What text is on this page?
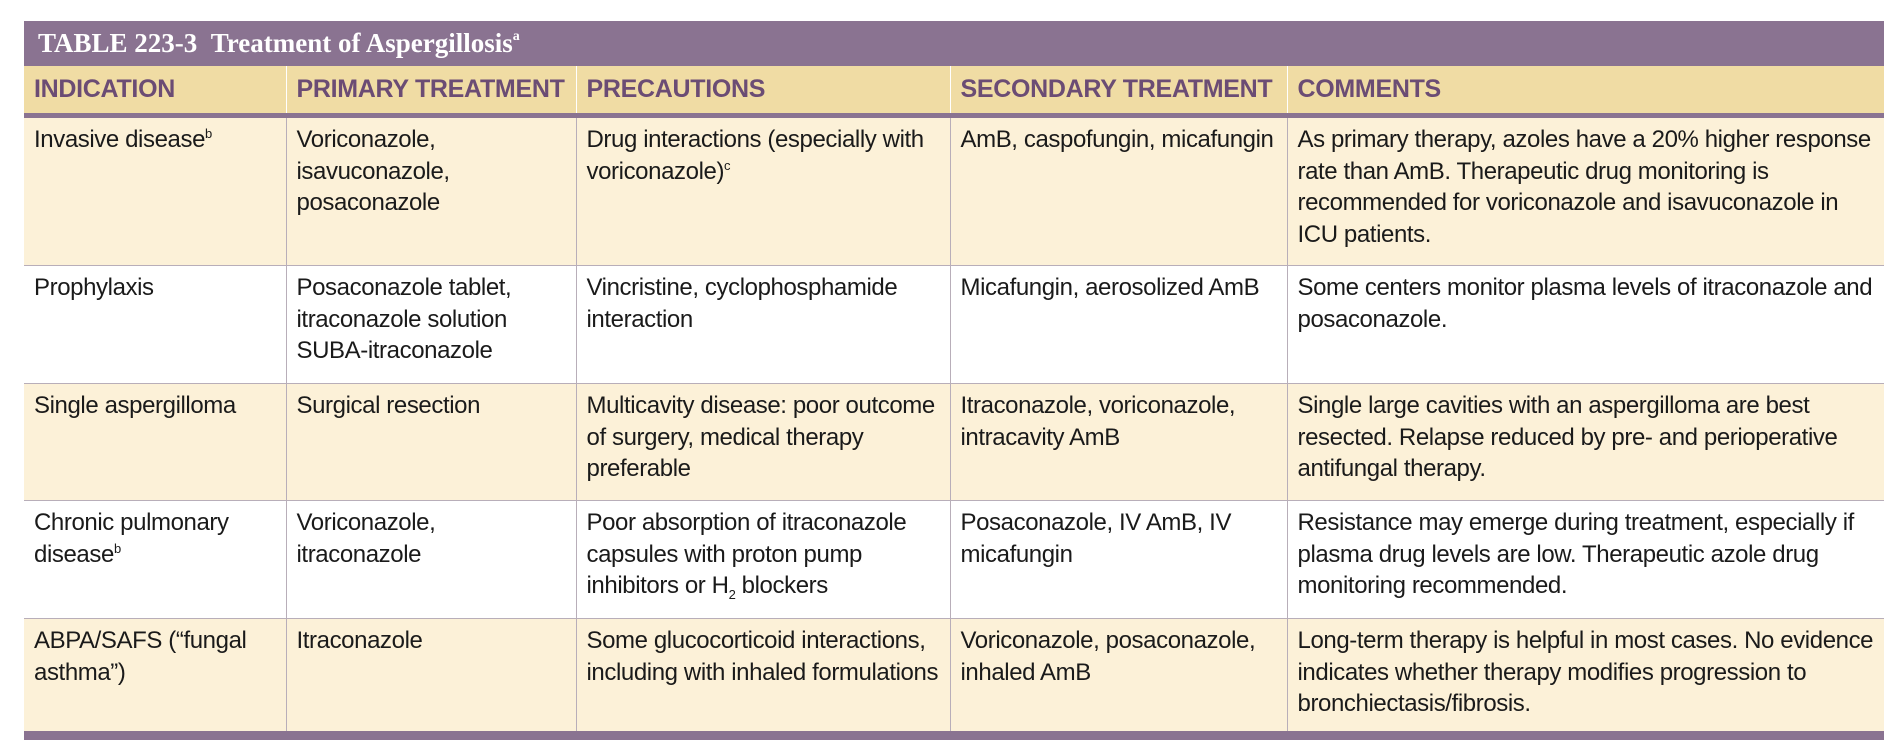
TABLE 223-3 Treatment of Aspergillosis$^a$
INDICATION	PRIMARY TREATMENT	PRECAUTIONS	SECONDARY TREATMENT	COMMENTS
Invasive disease$^b$	Voriconazole, isavuconazole, posaconazole	Drug interactions (especially with voriconazole)$^c$	AmB, caspofungin, micafungin	As primary therapy, azoles have a 20% higher response rate than AmB. Therapeutic drug monitoring is recommended for voriconazole and isavuconazole in ICU patients.
Prophylaxis	Posaconazole tablet, itraconazole solution SUBA-itraconazole	Vincristine, cyclophosphamide interaction	Micafungin, aerosolized AmB	Some centers monitor plasma levels of itraconazole and posaconazole.
Single aspergilloma	Surgical resection	Multicavity disease: poor outcome of surgery, medical therapy preferable	Itraconazole, voriconazole, intracavity AmB	Single large cavities with an aspergilloma are best resected. Relapse reduced by pre- and perioperative antifungal therapy.
Chronic pulmonary disease$^b$	Voriconazole, itraconazole	Poor absorption of itraconazole capsules with proton pump inhibitors or $H_2$ blockers	Posaconazole, IV AmB, IV micafungin	Resistance may emerge during treatment, especially if plasma drug levels are low. Therapeutic azole drug monitoring recommended.
ABPA/SAFS (“fungal asthma”)	Itraconazole	Some glucocorticoid interactions, including with inhaled formulations	Voriconazole, posaconazole, inhaled AmB	Long-term therapy is helpful in most cases. No evidence indicates whether therapy modifies progression to bronchiectasis/fibrosis.
